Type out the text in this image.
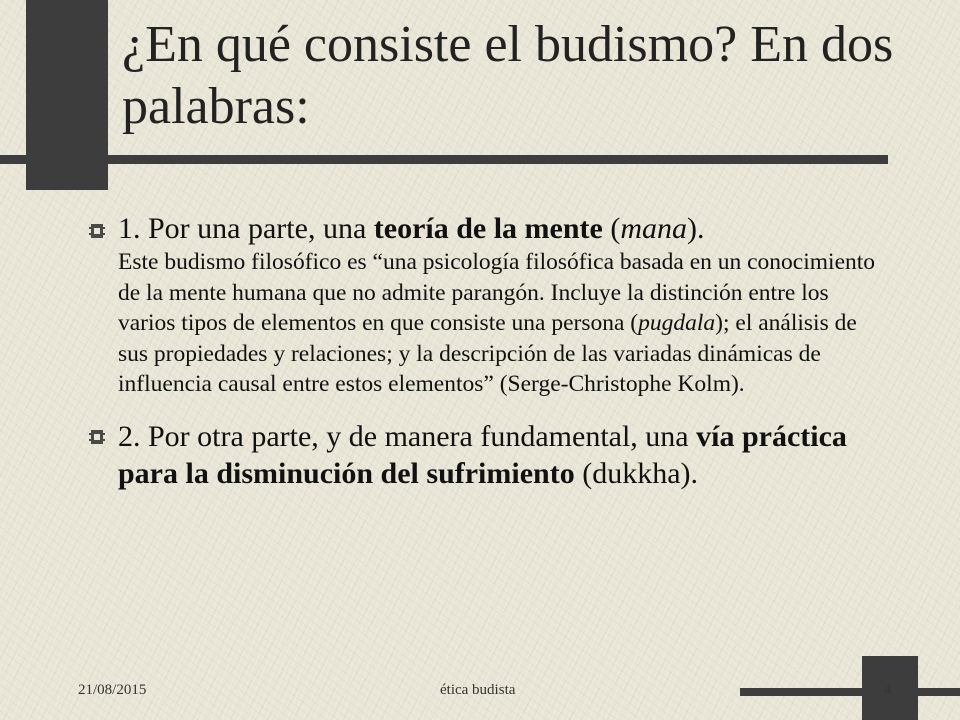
¿En qué consiste el budismo? En dos palabras:
1. Por una parte, una teoría de la mente (mana).
Este budismo filosófico es “una psicología filosófica basada en un conocimiento de la mente humana que no admite parangón. Incluye la distinción entre los varios tipos de elementos en que consiste una persona (pugdala); el análisis de sus propiedades y relaciones; y la descripción de las variadas dinámicas de influencia causal entre estos elementos” (Serge-Christophe Kolm).
2. Por otra parte, y de manera fundamental, una vía práctica para la disminución del sufrimiento (dukkha).
21/08/2015	ética budista	4
